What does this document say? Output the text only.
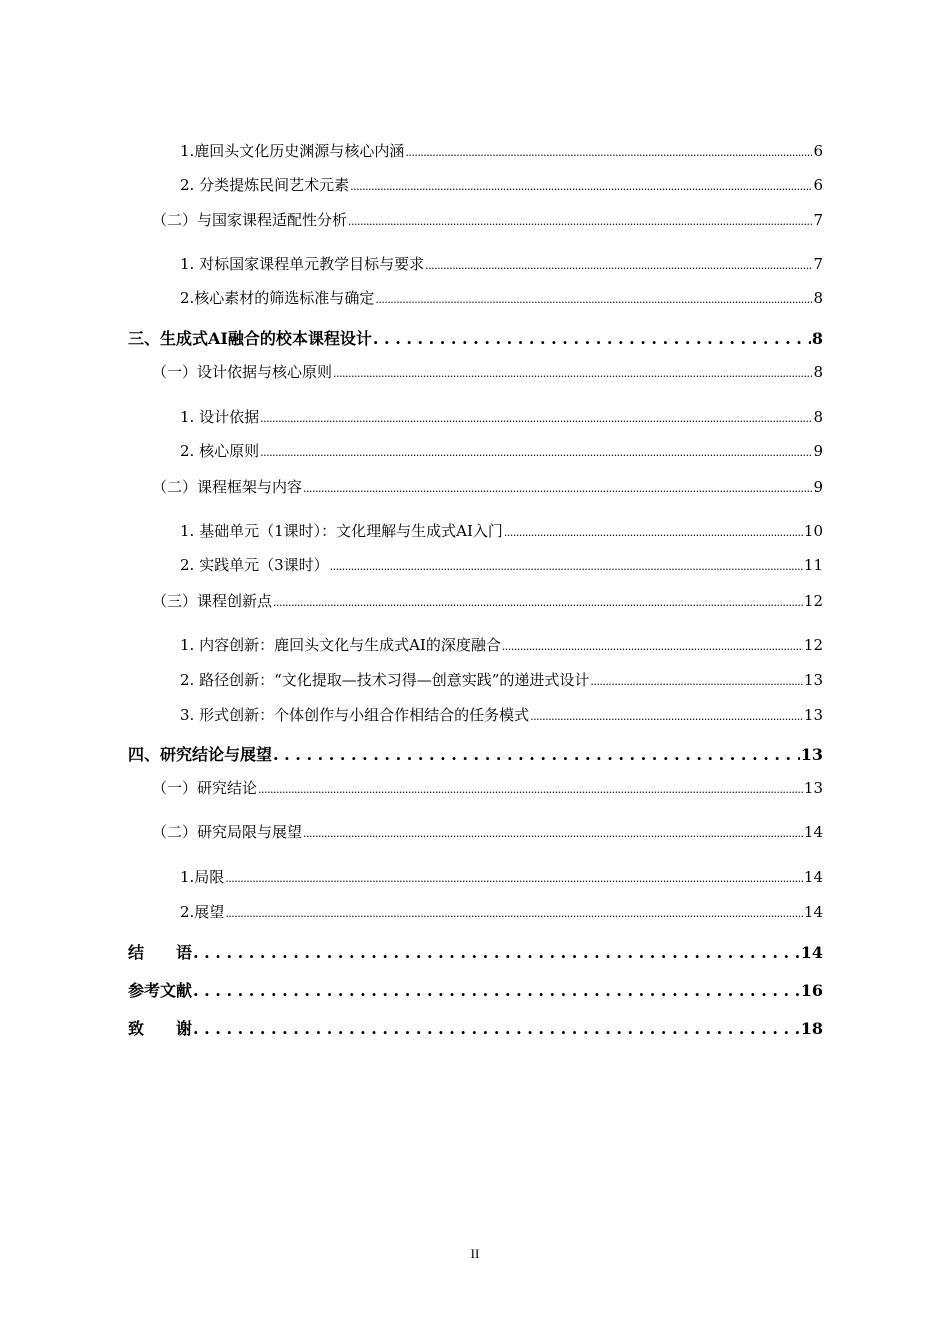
1.鹿回头文化历史渊源与核心内涵 .....	6
2. 分类提炼民间艺术元素 .....	6
（二）与国家课程适配性分析 .....	7
1. 对标国家课程单元教学目标与要求 .....	7
2.核心素材的筛选标准与确定 .....	8
三、生成式AI融合的校本课程设计 . . .	8
（一）设计依据与核心原则 .....	8
1. 设计依据 .....	8
2. 核心原则 .....	9
（二）课程框架与内容 .....	9
1. 基础单元（1课时）：文化理解与生成式AI入门 .....	10
2. 实践单元（3课时） .....	11
（三）课程创新点 .....	12
1. 内容创新：鹿回头文化与生成式AI的深度融合 .....	12
2. 路径创新：“文化提取—技术习得—创意实践”的递进式设计 .....	13
3. 形式创新：个体创作与小组合作相结合的任务模式 .....	13
四、研究结论与展望 . . .	13
（一）研究结论 .....	13
（二）研究局限与展望 .....	14
1.局限 .....	14
2.展望 .....	14
结　　语 . . .	14
参考文献 . . .	16
致　　谢 . . .	18
II
